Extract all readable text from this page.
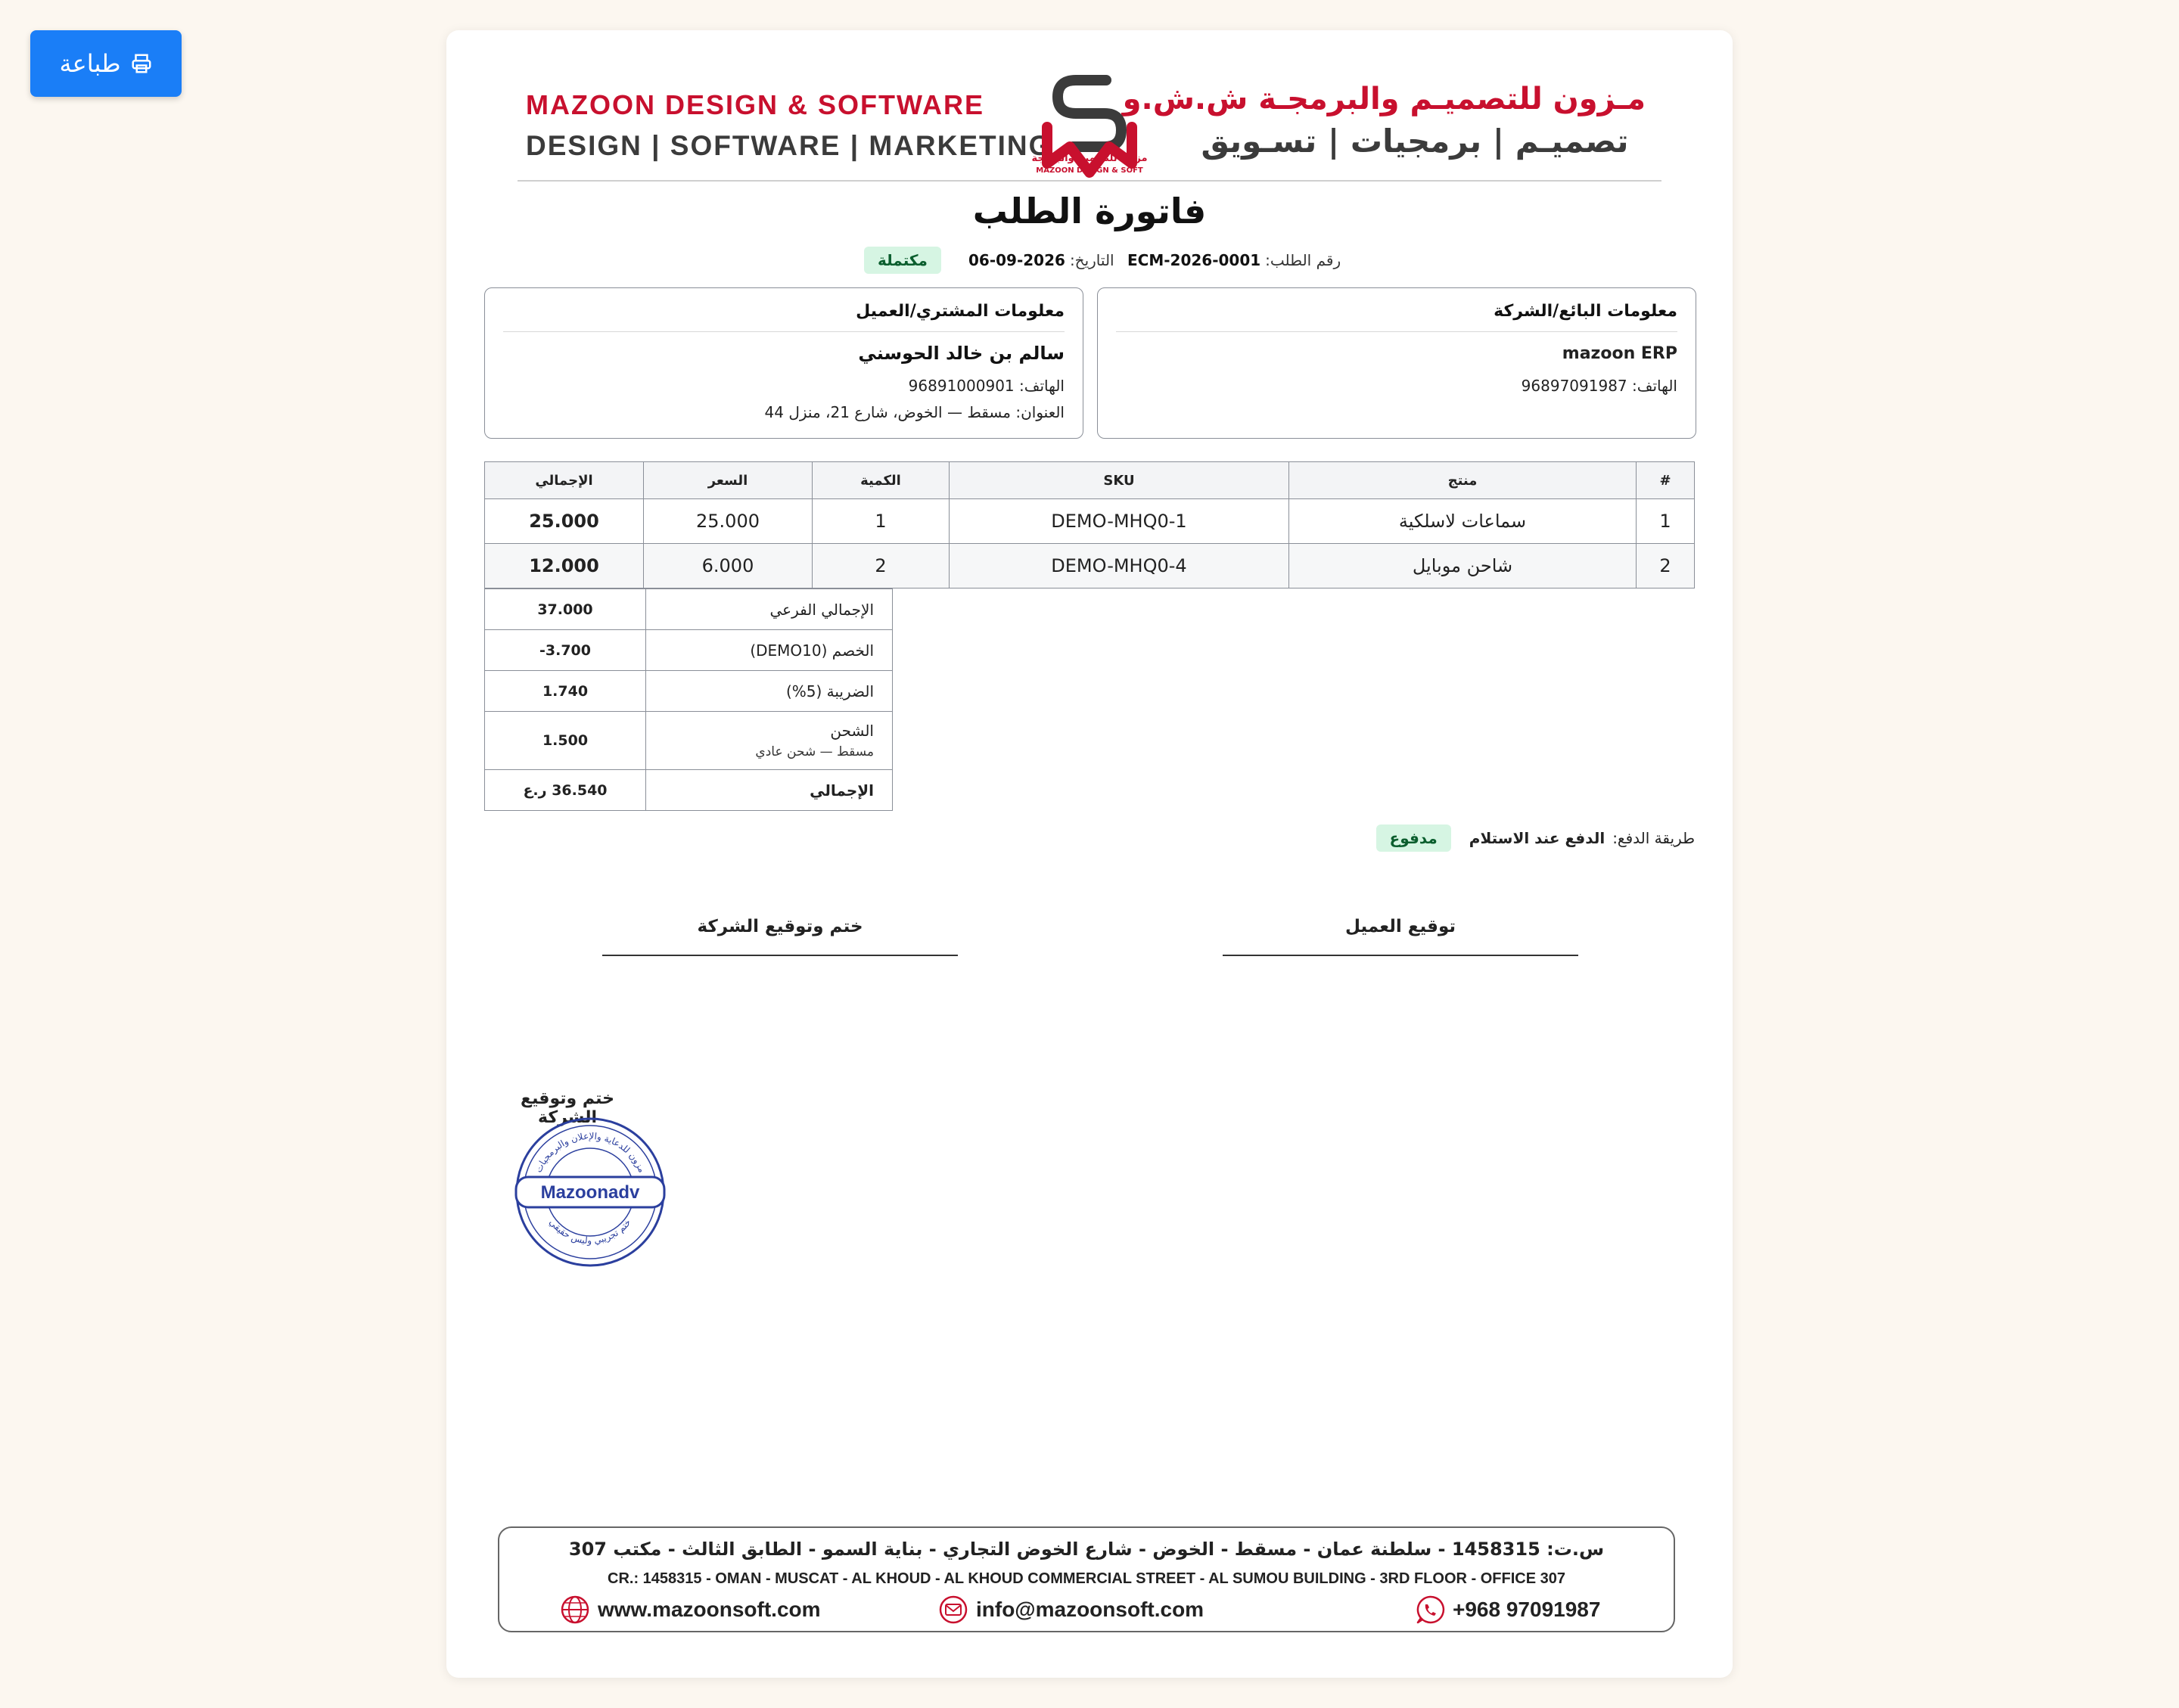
طباعة
MAZOON DESIGN & SOFTWARE
DESIGN | SOFTWARE | MARKETING
مـزون للتصميـم والبرمجـة ش.ش.و
تصميـم | برمجيات | تسـويق
مزون للتصميم والبرمجة
MAZOON DESIGN & SOFT
فاتورة الطلب
رقم الطلب:
ECM-2026-0001
التاريخ:
06-09-2026
مكتملة
معلومات البائع/الشركة
mazoon ERP
الهاتف: 96897091987
معلومات المشتري/العميل
سالم بن خالد الحوسني
الهاتف: 96891000901
العنوان: مسقط — الخوض، شارع 21، منزل 44
#	منتج	SKU	الكمية	السعر	الإجمالي
1	سماعات لاسلكية	DEMO-MHQ0-1	1	25.000	25.000
2	شاحن موبايل	DEMO-MHQ0-4	2	6.000	12.000
الإجمالي الفرعي	37.000
الخصم (DEMO10)	3.700-
الضريبة (5%)	1.740
الشحن
مسقط — شحن عادي	1.500
الإجمالي	36.540 ر.ع
طريقة الدفع:
الدفع عند الاستلام
مدفوع
توقيع العميل
ختم وتوقيع الشركة
ختم وتوقيع الشركة
Mazoonadv
مزون للدعاية والإعلان والبرمجيات
ختم تجريبي وليس حقيقي
س.ت: 1458315 - سلطنة عمان - مسقط - الخوض - شارع الخوض التجاري - بناية السمو - الطابق الثالث - مكتب 307
CR.: 1458315 - OMAN - MUSCAT - AL KHOUD - AL KHOUD COMMERCIAL STREET - AL SUMOU BUILDING - 3RD FLOOR - OFFICE 307
www.mazoonsoft.com	info@mazoonsoft.com	+968 97091987
